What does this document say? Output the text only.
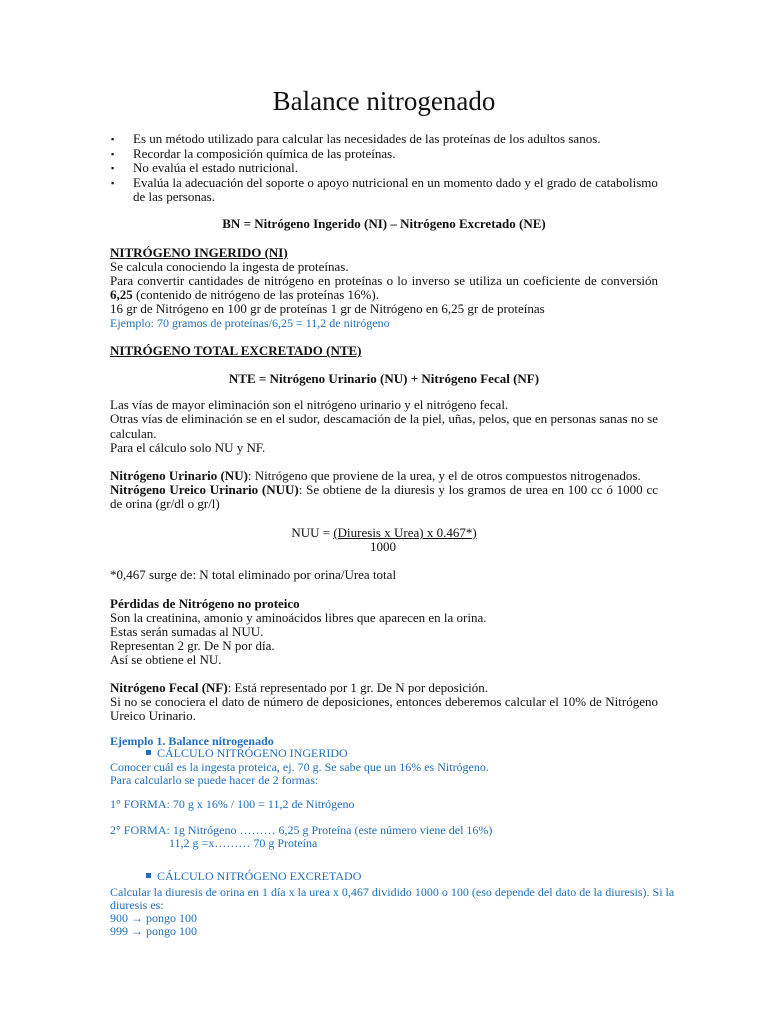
Balance nitrogenado
▪ Es un método utilizado para calcular las necesidades de las proteínas de los adultos sanos.
▪ Recordar la composición química de las proteínas.
▪ No evalúa el estado nutricional.
▪ Evalúa la adecuación del soporte o apoyo nutricional en un momento dado y el grado de catabolismo
de las personas.
BN = Nitrógeno Ingerido (NI) – Nitrógeno Excretado (NE)
NITRÓGENO INGERIDO (NI)
Se calcula conociendo la ingesta de proteínas.
Para convertir cantidades de nitrógeno en proteínas o lo inverso se utiliza un coeficiente de conversión
6,25 (contenido de nitrógeno de las proteínas 16%).
16 gr de Nitrógeno en 100 gr de proteínas 1 gr de Nitrógeno en 6,25 gr de proteínas
Ejemplo: 70 gramos de proteínas/6,25 = 11,2 de nitrógeno
NITRÓGENO TOTAL EXCRETADO (NTE)
NTE = Nitrógeno Urinario (NU) + Nitrógeno Fecal (NF)
Las vías de mayor eliminación son el nitrógeno urinario y el nitrógeno fecal.
Otras vías de eliminación se en el sudor, descamación de la piel, uñas, pelos, que en personas sanas no se
calculan.
Para el cálculo solo NU y NF.
Nitrógeno Urinario (NU): Nitrógeno que proviene de la urea, y el de otros compuestos nitrogenados.
Nitrógeno Ureico Urinario (NUU): Se obtiene de la diuresis y los gramos de urea en 100 cc ó 1000 cc
de orina (gr/dl o gr/l)
NUU = (Diuresis x Urea) x 0.467*)
1000
*0,467 surge de: N total eliminado por orina/Urea total
Pérdidas de Nitrógeno no proteico
Son la creatinina, amonio y aminoácidos libres que aparecen en la orina.
Estas serán sumadas al NUU.
Representan 2 gr. De N por día.
Así se obtiene el NU.
Nitrógeno Fecal (NF): Está representado por 1 gr. De N por deposición.
Si no se conociera el dato de número de deposiciones, entonces deberemos calcular el 10% de Nitrógeno
Ureico Urinario.
Ejemplo 1. Balance nitrogenado
CÁLCULO NITRÓGENO INGERIDO
Conocer cuál es la ingesta proteica, ej. 70 g. Se sabe que un 16% es Nitrógeno.
Para calcularlo se puede hacer de 2 formas:
1° FORMA: 70 g x 16% / 100 = 11,2 de Nitrógeno
2° FORMA: 1g Nitrógeno ……… 6,25 g Proteína (este número viene del 16%)
11,2 g =x……… 70 g Proteína
CÁLCULO NITRÓGENO EXCRETADO
Calcular la diuresis de orina en 1 día x la urea x 0,467 dividido 1000 o 100 (eso depende del dato de la diuresis). Si la
diuresis es:
900 → pongo 100
999 → pongo 100
